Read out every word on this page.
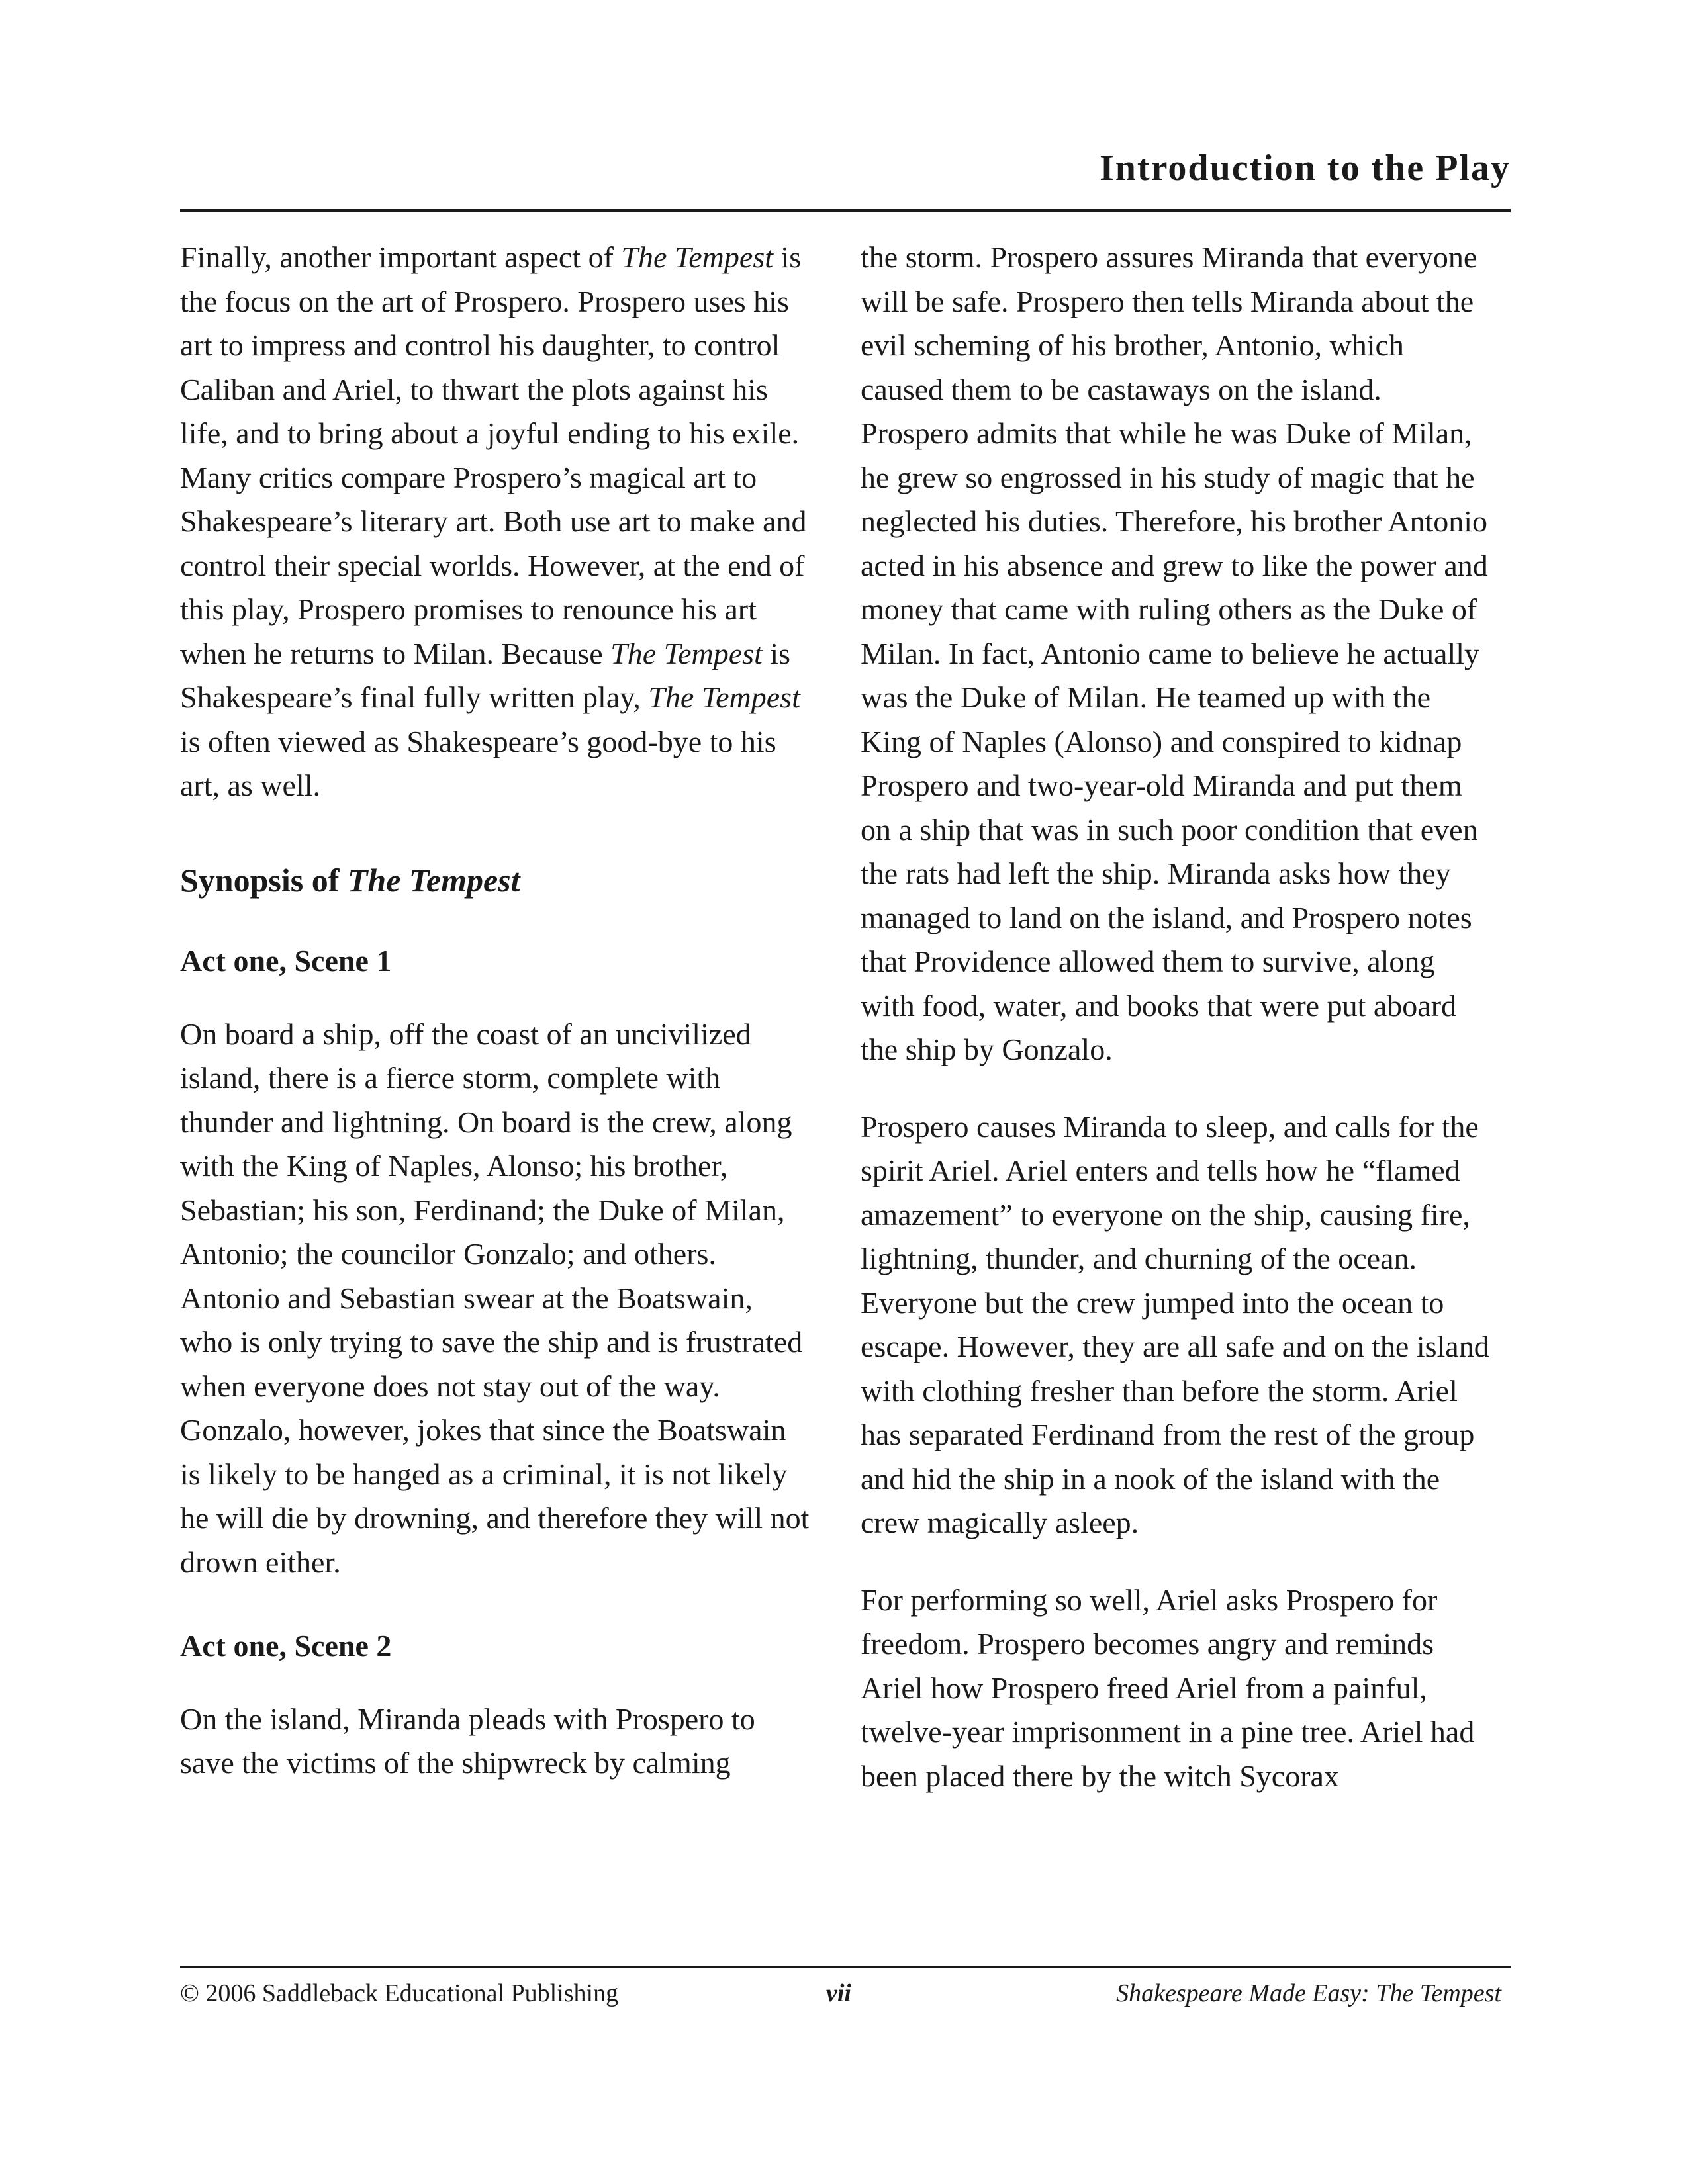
Introduction to the Play

Finally, another important aspect of The Tempest is the focus on the art of Prospero. Prospero uses his art to impress and control his daughter, to control Caliban and Ariel, to thwart the plots against his life, and to bring about a joyful ending to his exile. Many critics compare Prospero’s magical art to Shakespeare’s literary art. Both use art to make and control their special worlds. However, at the end of this play, Prospero promises to renounce his art when he returns to Milan. Because The Tempest is Shakespeare’s final fully written play, The Tempest is often viewed as Shakespeare’s good-bye to his art, as well.

Synopsis of The Tempest

Act one, Scene 1

On board a ship, off the coast of an uncivilized island, there is a fierce storm, complete with thunder and lightning. On board is the crew, along with the King of Naples, Alonso; his brother, Sebastian; his son, Ferdinand; the Duke of Milan, Antonio; the councilor Gonzalo; and others. Antonio and Sebastian swear at the Boatswain, who is only trying to save the ship and is frustrated when everyone does not stay out of the way. Gonzalo, however, jokes that since the Boatswain is likely to be hanged as a criminal, it is not likely he will die by drowning, and therefore they will not drown either.

Act one, Scene 2

On the island, Miranda pleads with Prospero to save the victims of the shipwreck by calming

the storm. Prospero assures Miranda that everyone will be safe. Prospero then tells Miranda about the evil scheming of his brother, Antonio, which caused them to be castaways on the island. Prospero admits that while he was Duke of Milan, he grew so engrossed in his study of magic that he neglected his duties. Therefore, his brother Antonio acted in his absence and grew to like the power and money that came with ruling others as the Duke of Milan. In fact, Antonio came to believe he actually was the Duke of Milan. He teamed up with the King of Naples (Alonso) and conspired to kidnap Prospero and two-year-old Miranda and put them on a ship that was in such poor condition that even the rats had left the ship. Miranda asks how they managed to land on the island, and Prospero notes that Providence allowed them to survive, along with food, water, and books that were put aboard the ship by Gonzalo.

Prospero causes Miranda to sleep, and calls for the spirit Ariel. Ariel enters and tells how he “flamed amazement” to everyone on the ship, causing fire, lightning, thunder, and churning of the ocean. Everyone but the crew jumped into the ocean to escape. However, they are all safe and on the island with clothing fresher than before the storm. Ariel has separated Ferdinand from the rest of the group and hid the ship in a nook of the island with the crew magically asleep.

For performing so well, Ariel asks Prospero for freedom. Prospero becomes angry and reminds Ariel how Prospero freed Ariel from a painful, twelve-year imprisonment in a pine tree. Ariel had been placed there by the witch Sycorax

© 2006 Saddleback Educational Publishing	vii	Shakespeare Made Easy: The Tempest
